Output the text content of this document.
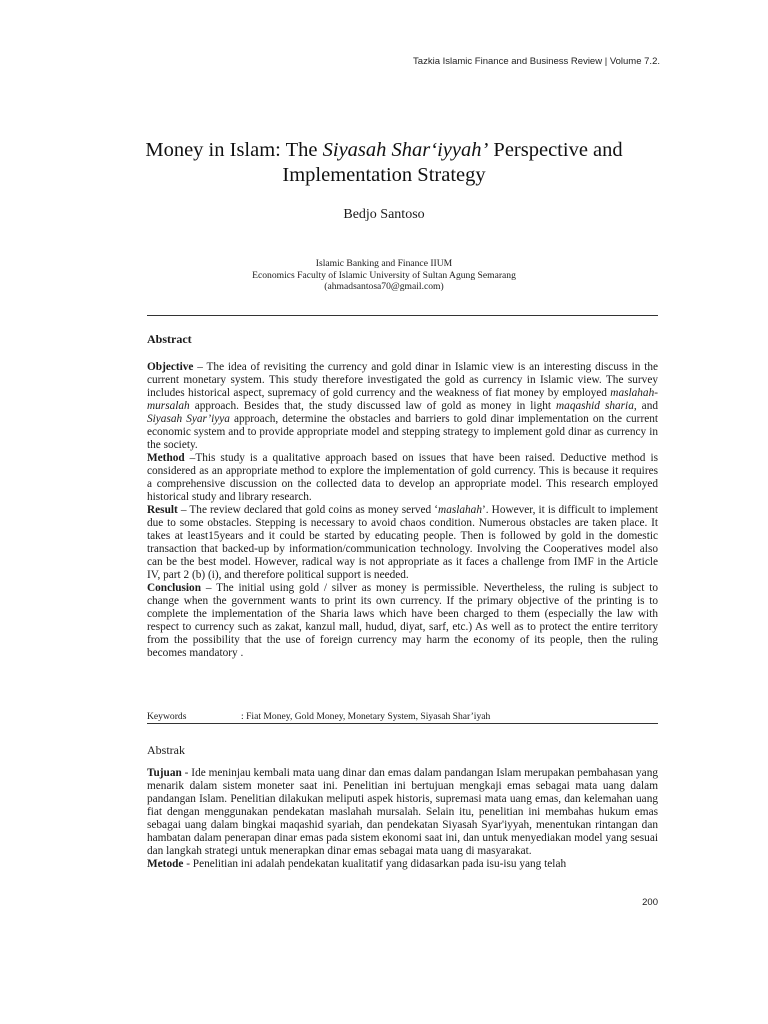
Tazkia Islamic Finance and Business Review | Volume 7.2.
Money in Islam: The Siyasah Shar‘iyyah’ Perspective and
Implementation Strategy
Bedjo Santoso
Islamic Banking and Finance IIUM
Economics Faculty of Islamic University of Sultan Agung Semarang
(ahmadsantosa70@gmail.com)
Abstract

Objective – The idea of revisiting the currency and gold dinar in Islamic view is an interesting discuss in the current monetary system. This study therefore investigated the gold as currency in Islamic view. The survey includes historical aspect, supremacy of gold currency and the weakness of fiat money by employed maslahah-mursalah approach. Besides that, the study discussed law of gold as money in light maqashid sharia, and Siyasah Syar’iyya approach, determine the obstacles and barriers to gold dinar implementation on the current economic system and to provide appropriate model and stepping strategy to implement gold dinar as currency in the society.

Method –This study is a qualitative approach based on issues that have been raised. Deductive method is considered as an appropriate method to explore the implementation of gold currency. This is because it requires a comprehensive discussion on the collected data to develop an appropriate model. This research employed historical study and library research.

Result – The review declared that gold coins as money served ‘maslahah’. However, it is difficult to implement due to some obstacles. Stepping is necessary to avoid chaos condition. Numerous obstacles are taken place. It takes at least15years and it could be started by educating people. Then is followed by gold in the domestic transaction that backed-up by information/communication technology. Involving the Cooperatives model also can be the best model. However, radical way is not appropriate as it faces a challenge from IMF in the Article IV, part 2 (b) (i), and therefore political support is needed.

Conclusion – The initial using gold / silver as money is permissible. Nevertheless, the ruling is subject to change when the government wants to print its own currency. If the primary objective of the printing is to complete the implementation of the Sharia laws which have been charged to them (especially the law with respect to currency such as zakat, kanzul mall, hudud, diyat, sarf, etc.) As well as to protect the entire territory from the possibility that the use of foreign currency may harm the economy of its people, then the ruling becomes mandatory .

Keywords	: Fiat Money, Gold Money, Monetary System, Siyasah Shar’iyah
Abstrak

Tujuan - Ide meninjau kembali mata uang dinar dan emas dalam pandangan Islam merupakan pembahasan yang menarik dalam sistem moneter saat ini. Penelitian ini bertujuan mengkaji emas sebagai mata uang dalam pandangan Islam. Penelitian dilakukan meliputi aspek historis, supremasi mata uang emas, dan kelemahan uang fiat dengan menggunakan pendekatan maslahah mursalah. Selain itu, penelitian ini membahas hukum emas sebagai uang dalam bingkai maqashid syariah, dan pendekatan Siyasah Syar'iyyah, menentukan rintangan dan hambatan dalam penerapan dinar emas pada sistem ekonomi saat ini, dan untuk menyediakan model yang sesuai dan langkah strategi untuk menerapkan dinar emas sebagai mata uang di masyarakat.

Metode - Penelitian ini adalah pendekatan kualitatif yang didasarkan pada isu-isu yang telah

200
